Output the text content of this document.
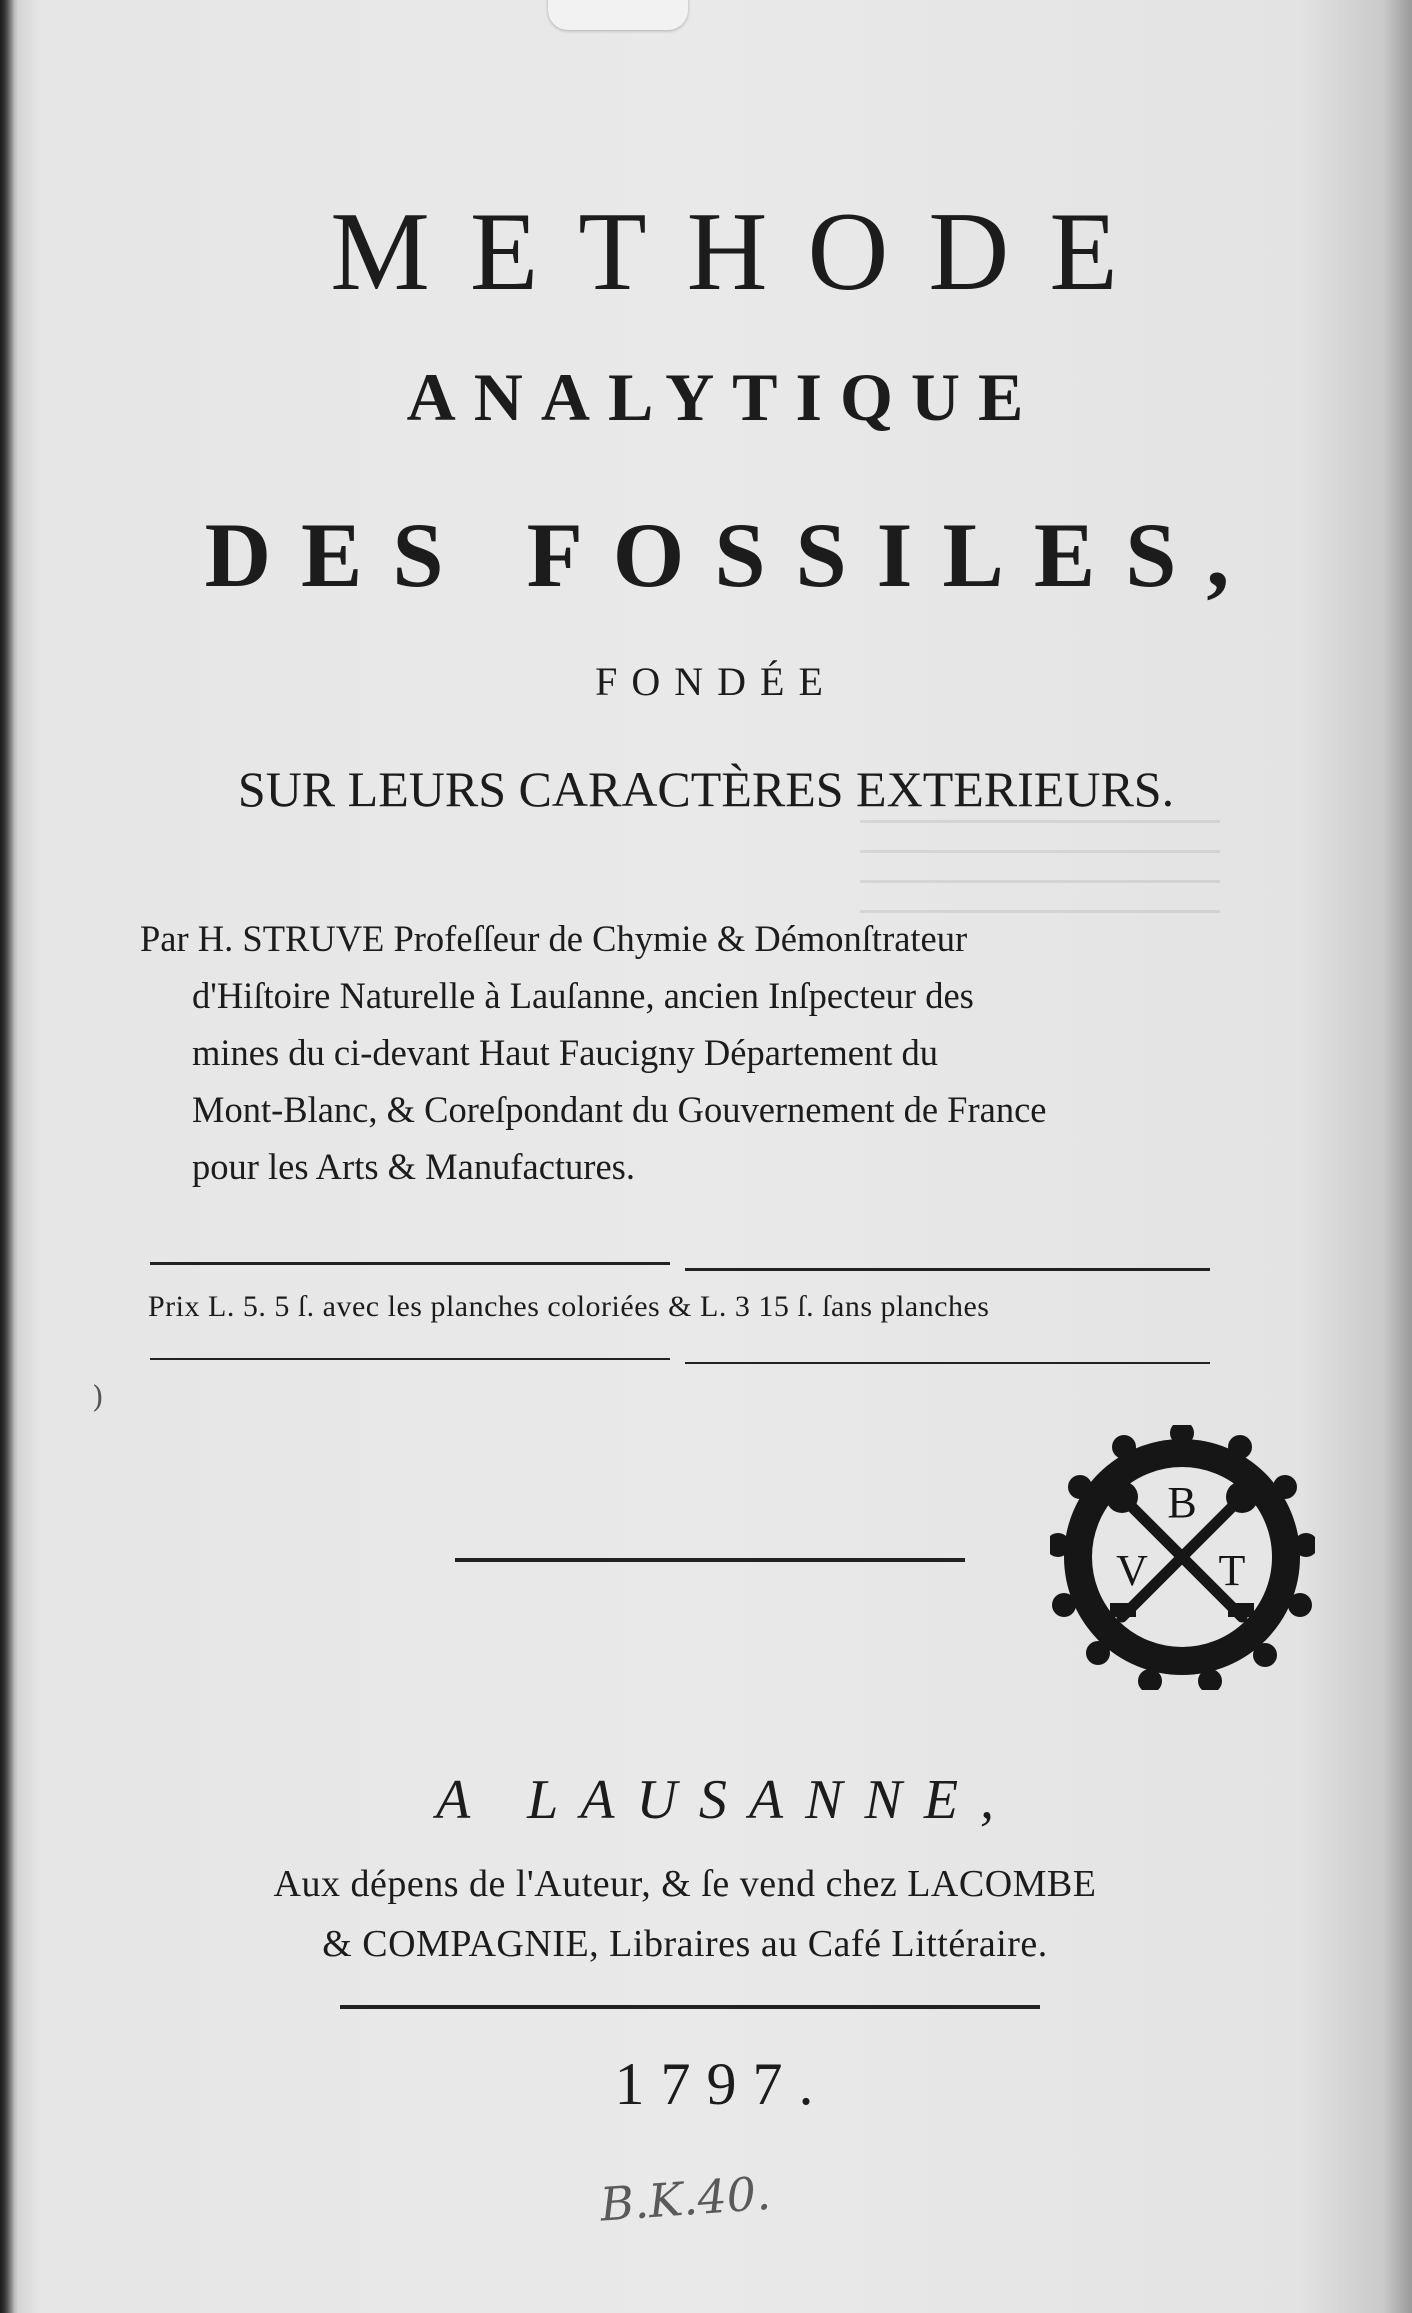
METHODE
ANALYTIQUE
DES FOSSILES,
FONDÉE
SUR LEURS CARACTÈRES EXTERIEURS.
Par H. STRUVE Profeſſeur de Chymie & Démonſtrateur
d'Hiſtoire Naturelle à Lauſanne, ancien Inſpecteur des
mines du ci-devant Haut Faucigny Département du
Mont-Blanc, & Coreſpondant du Gouvernement de France
pour les Arts & Manufactures.
Prix L. 5. 5 ſ. avec les planches coloriées & L. 3 15 ſ. ſans planches
)
B
V T
A LAUSANNE,
Aux dépens de l'Auteur, & ſe vend chez LACOMBE
& COMPAGNIE, Libraires au Café Littéraire.
1797.
B.K.40.
